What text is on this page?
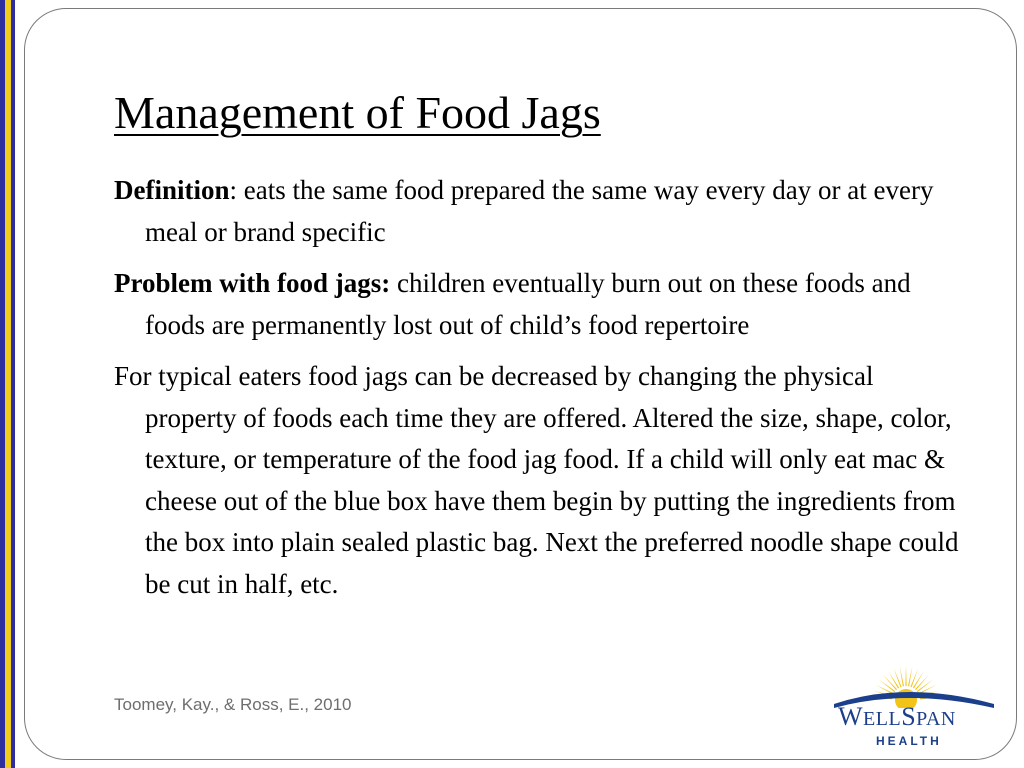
Management of Food Jags

Definition: eats the same food prepared the same way every day or at every meal or brand specific

Problem with food jags: children eventually burn out on these foods and foods are permanently lost out of child’s food repertoire

For typical eaters food jags can be decreased by changing the physical property of foods each time they are offered. Altered the size, shape, color, texture, or temperature of the food jag food. If a child will only eat mac & cheese out of the blue box have them begin by putting the ingredients from the box into plain sealed plastic bag. Next the preferred noodle shape could be cut in half, etc.

Toomey, Kay., & Ross, E., 2010	WELLSPAN
HEALTH
